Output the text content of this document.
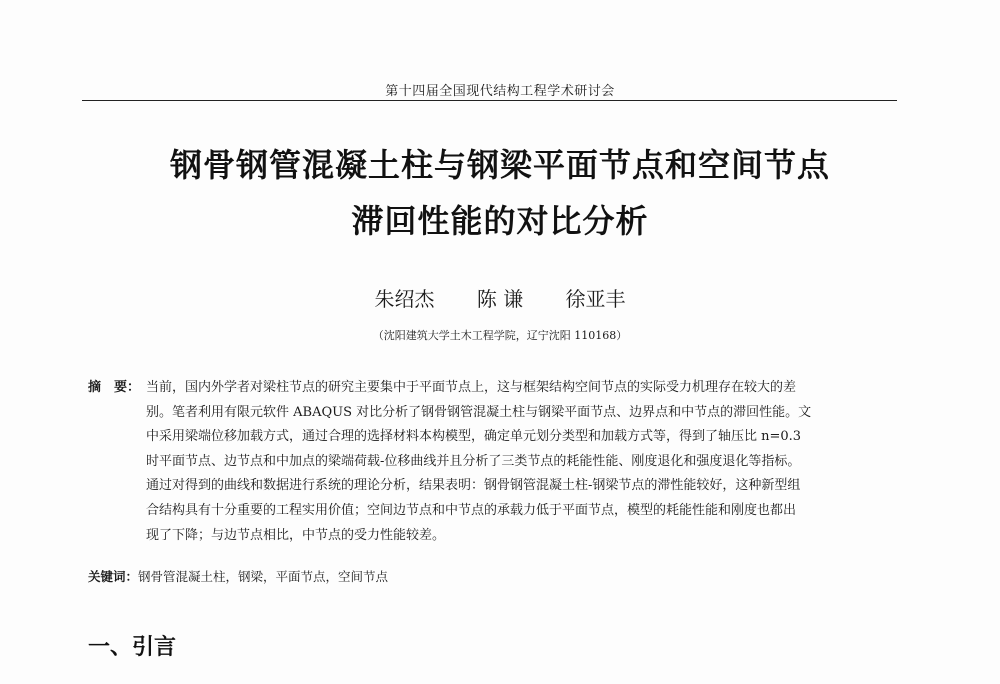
第十四届全国现代结构工程学术研讨会
钢骨钢管混凝土柱与钢梁平面节点和空间节点
滞回性能的对比分析
朱绍杰 陈 谦 徐亚丰
（沈阳建筑大学土木工程学院，辽宁沈阳 110168）
摘　要： 当前，国内外学者对梁柱节点的研究主要集中于平面节点上，这与框架结构空间节点的实际受力机理存在较大的差
别。笔者利用有限元软件 ABAQUS 对比分析了钢骨钢管混凝土柱与钢梁平面节点、边界点和中节点的滞回性能。文
中采用梁端位移加载方式，通过合理的选择材料本构模型，确定单元划分类型和加载方式等，得到了轴压比 n=0.3
时平面节点、边节点和中加点的梁端荷载-位移曲线并且分析了三类节点的耗能性能、刚度退化和强度退化等指标。
通过对得到的曲线和数据进行系统的理论分析，结果表明：钢骨钢管混凝土柱-钢梁节点的滞性能较好，这种新型组
合结构具有十分重要的工程实用价值；空间边节点和中节点的承载力低于平面节点，模型的耗能性能和刚度也都出
现了下降；与边节点相比，中节点的受力性能较差。
关键词：钢骨管混凝土柱，钢梁，平面节点，空间节点
一、引言
